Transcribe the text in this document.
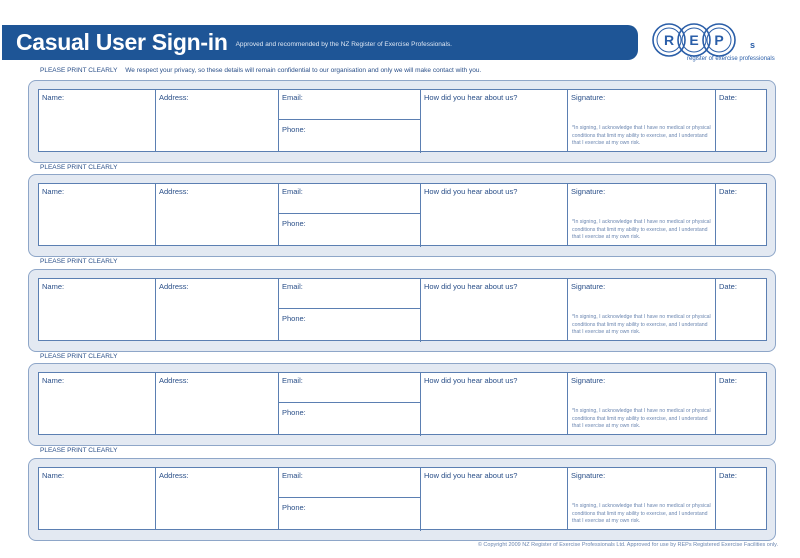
Casual User Sign-in Approved and recommended by the NZ Register of Exercise Professionals.	R E P	s
register of exercise professionals
PLEASE PRINT CLEARLY We respect your privacy, so these details will remain confidential to our organisation and only we will make contact with you.
Name:	Address:	How did you hear about us?	Signature:
*In signing, I acknowledge that I have no medical or physical conditions that limit my ability to exercise, and I understand that I exercise at my own risk.
Date:
Email:
Phone:
PLEASE PRINT CLEARLY
Name:	Address:	How did you hear about us?	Signature:
*In signing, I acknowledge that I have no medical or physical conditions that limit my ability to exercise, and I understand that I exercise at my own risk.
Date:
Email:
Phone:
PLEASE PRINT CLEARLY
Name:	Address:	How did you hear about us?	Signature:
*In signing, I acknowledge that I have no medical or physical conditions that limit my ability to exercise, and I understand that I exercise at my own risk.
Date:
Email:
Phone:
PLEASE PRINT CLEARLY
Name:	Address:	How did you hear about us?	Signature:
*In signing, I acknowledge that I have no medical or physical conditions that limit my ability to exercise, and I understand that I exercise at my own risk.
Date:
Email:
Phone:
PLEASE PRINT CLEARLY
Name:	Address:	How did you hear about us?	Signature:
*In signing, I acknowledge that I have no medical or physical conditions that limit my ability to exercise, and I understand that I exercise at my own risk.
Date:
Email:
Phone:
© Copyright 2009 NZ Register of Exercise Professionals Ltd. Approved for use by REPs Registered Exercise Facilities only.
